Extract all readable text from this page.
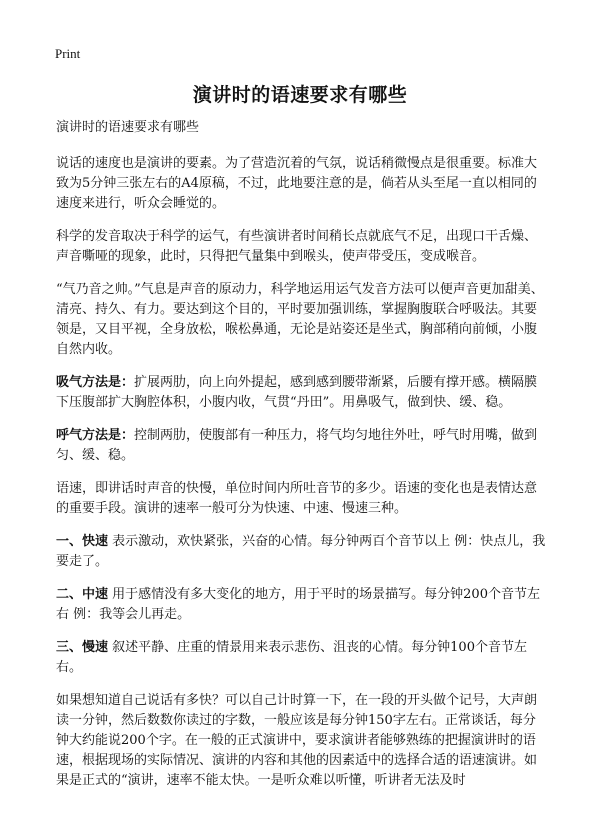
Print
演讲时的语速要求有哪些
演讲时的语速要求有哪些

说话的速度也是演讲的要素。为了营造沉着的气氛，说话稍微慢点是很重要。标准大致为5分钟三张左右的A4原稿，不过，此地要注意的是，倘若从头至尾一直以相同的速度来进行，听众会睡觉的。

科学的发音取决于科学的运气，有些演讲者时间稍长点就底气不足，出现口干舌燥、声音嘶哑的现象，此时，只得把气量集中到喉头，使声带受压，变成喉音。

“气乃音之帅。”气息是声音的原动力，科学地运用运气发音方法可以便声音更加甜美、清亮、持久、有力。要达到这个目的，平时要加强训练，掌握胸腹联合呼吸法。其要领是，又目平视，全身放松，喉松鼻通，无论是站姿还是坐式，胸部稍向前倾，小腹自然内收。

吸气方法是：扩展两肋，向上向外提起，感到感到腰带渐紧，后腰有撑开感。横隔膜下压腹部扩大胸腔体积，小腹内收，气贯“丹田”。用鼻吸气，做到快、缓、稳。

呼气方法是：控制两肋，使腹部有一种压力，将气均匀地往外吐，呼气时用嘴，做到匀、缓、稳。

语速，即讲话时声音的快慢，单位时间内所吐音节的多少。语速的变化也是表情达意的重要手段。演讲的速率一般可分为快速、中速、慢速三种。

一、快速 表示激动，欢快紧张，兴奋的心情。每分钟两百个音节以上 例：快点儿，我要走了。

二、中速 用于感情没有多大变化的地方，用于平时的场景描写。每分钟200个音节左右 例：我等会儿再走。

三、慢速 叙述平静、庄重的情景用来表示悲伤、沮丧的心情。每分钟100个音节左右。

如果想知道自己说话有多快？可以自己计时算一下，在一段的开头做个记号，大声朗读一分钟，然后数数你读过的字数，一般应该是每分钟150字左右。正常谈话，每分钟大约能说200个字。在一般的正式演讲中，要求演讲者能够熟练的把握演讲时的语速，根据现场的实际情况、演讲的内容和其他的因素适中的选择合适的语速演讲。如果是正式的“演讲，速率不能太快。一是听众难以听懂，听讲者无法及时
